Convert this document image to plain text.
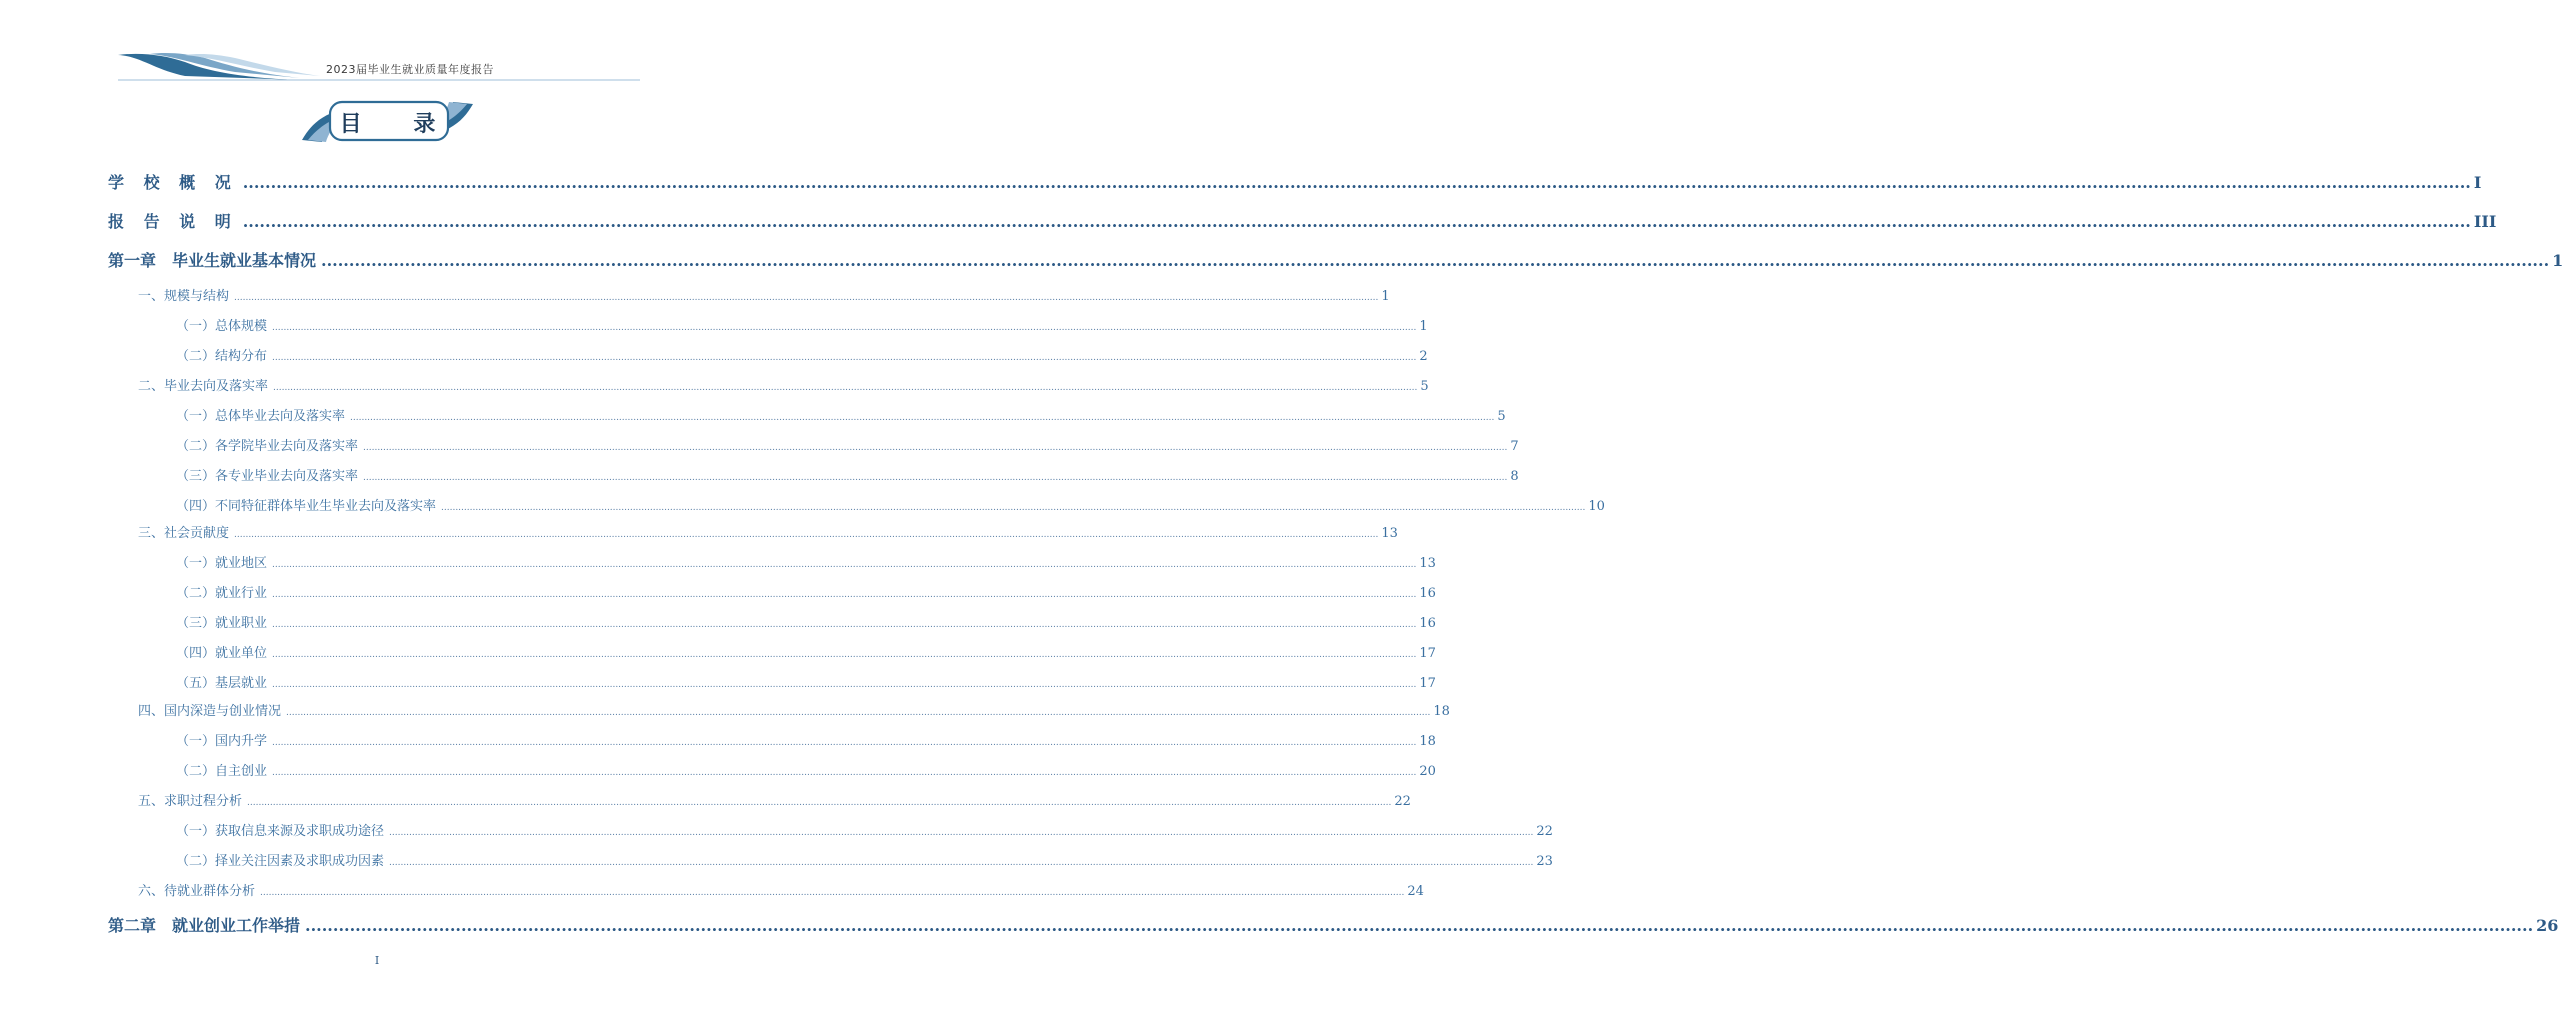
2023届毕业生就业质量年度报告
目 录
学 校 概 况 ................................................................................................................................................................................................................................................................................................................................................................................................................ I
报 告 说 明 ................................................................................................................................................................................................................................................................................................................................................................................................................ III
第一章　毕业生就业基本情况 ................................................................................................................................................................................................................................................................................................................................................................................................................ 1
一、规模与结构 ................................................................................................................................................................................................................................................................................................................................................................................................................ 1
（一）总体规模 ................................................................................................................................................................................................................................................................................................................................................................................................................ 1
（二）结构分布 ................................................................................................................................................................................................................................................................................................................................................................................................................ 2
二、毕业去向及落实率 ................................................................................................................................................................................................................................................................................................................................................................................................................ 5
（一）总体毕业去向及落实率 ................................................................................................................................................................................................................................................................................................................................................................................................................ 5
（二）各学院毕业去向及落实率 ................................................................................................................................................................................................................................................................................................................................................................................................................ 7
（三）各专业毕业去向及落实率 ................................................................................................................................................................................................................................................................................................................................................................................................................ 8
（四）不同特征群体毕业生毕业去向及落实率 ................................................................................................................................................................................................................................................................................................................................................................................................................ 10
三、社会贡献度 ................................................................................................................................................................................................................................................................................................................................................................................................................ 13
（一）就业地区 ................................................................................................................................................................................................................................................................................................................................................................................................................ 13
（二）就业行业 ................................................................................................................................................................................................................................................................................................................................................................................................................ 16
（三）就业职业 ................................................................................................................................................................................................................................................................................................................................................................................................................ 16
（四）就业单位 ................................................................................................................................................................................................................................................................................................................................................................................................................ 17
（五）基层就业 ................................................................................................................................................................................................................................................................................................................................................................................................................ 17
四、国内深造与创业情况 ................................................................................................................................................................................................................................................................................................................................................................................................................ 18
（一）国内升学 ................................................................................................................................................................................................................................................................................................................................................................................................................ 18
（二）自主创业 ................................................................................................................................................................................................................................................................................................................................................................................................................ 20
五、求职过程分析 ................................................................................................................................................................................................................................................................................................................................................................................................................ 22
（一）获取信息来源及求职成功途径 ................................................................................................................................................................................................................................................................................................................................................................................................................ 22
（二）择业关注因素及求职成功因素 ................................................................................................................................................................................................................................................................................................................................................................................................................ 23
六、待就业群体分析 ................................................................................................................................................................................................................................................................................................................................................................................................................ 24
第二章　就业创业工作举措 ................................................................................................................................................................................................................................................................................................................................................................................................................ 26
I
